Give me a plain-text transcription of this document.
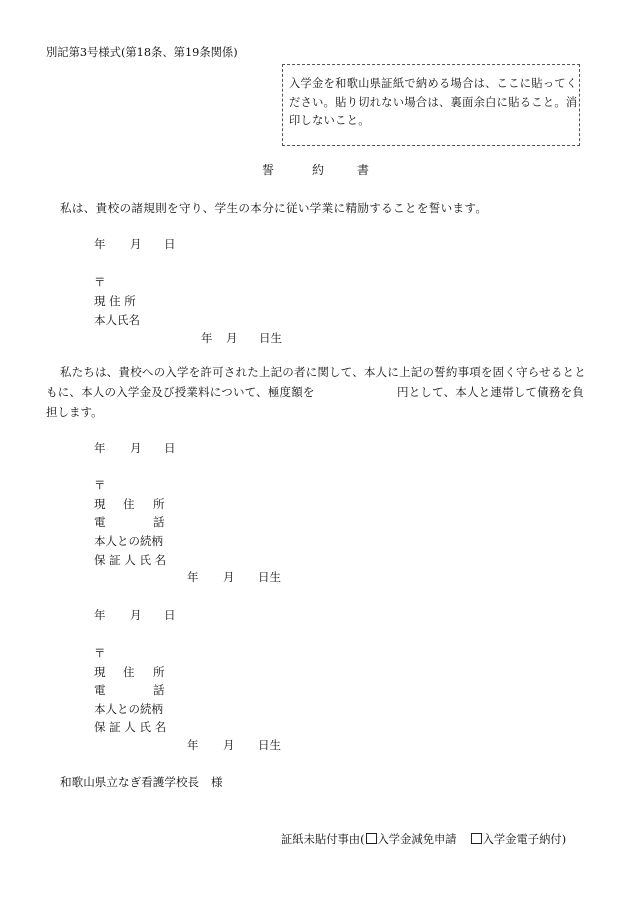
別記第3号様式(第18条、第19条関係)
入学金を和歌山県証紙で納める場合は、ここに貼ってく
ださい。貼り切れない場合は、裏面余白に貼ること。消
印しないこと。
誓	約	書
私は、貴校の諸規則を守り、学生の本分に従い学業に精励することを誓います。
年 月 日
〒
現 住 所
本人氏名
年 月 日生
私たちは、貴校への入学を許可された上記の者に関して、本人に上記の誓約事項を固く守らせるとと
もに、本人の入学金及び授業料について、極度額を	円として、本人と連帯して債務を負
担します。
年 月 日
〒
現 住 所
電	話
本人との続柄
保 証 人 氏 名
年 月 日生
年 月 日
〒
現 住 所
電	話
本人との続柄
保 証 人 氏 名
年 月 日生
和歌山県立なぎ看護学校長 様
証紙未貼付事由( 入学金減免申請 入学金電子納付)
